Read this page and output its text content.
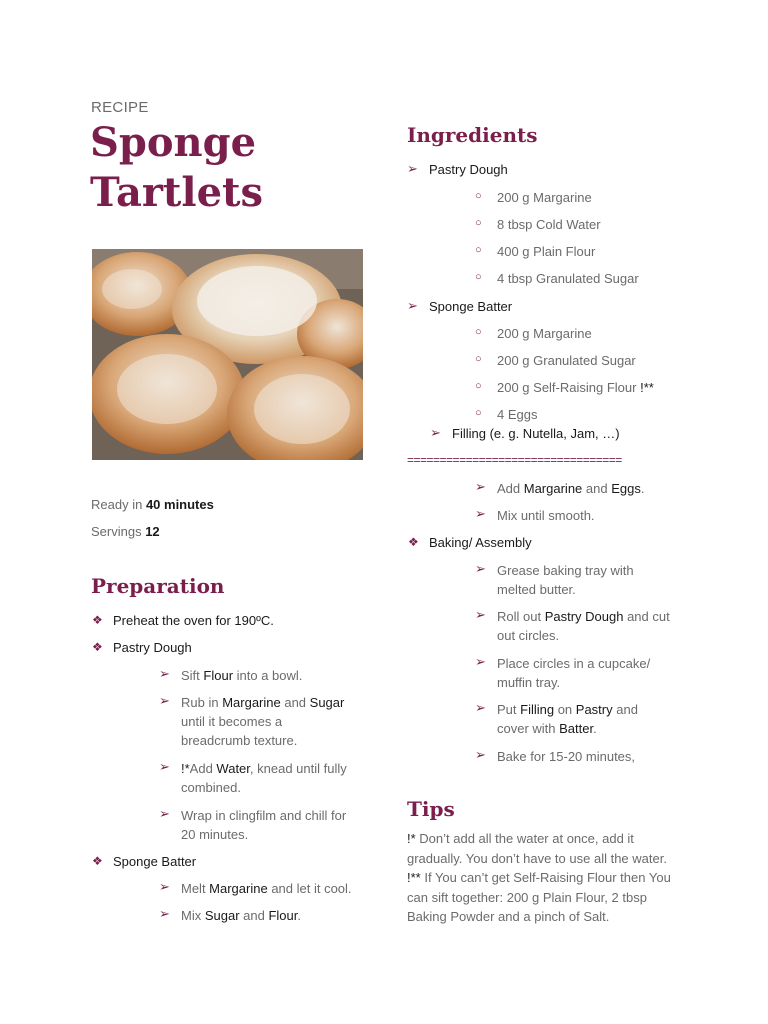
RECIPE
Sponge
Tartlets
Ready in 40 minutes
Servings 12
Preparation
❖ Preheat the oven for 190ºC.
❖ Pastry Dough
➢ Sift Flour into a bowl.
➢ Rub in Margarine and Sugar
until it becomes a
breadcrumb texture.
➢ !*Add Water, knead until fully
combined.
➢ Wrap in clingfilm and chill for
20 minutes.
❖ Sponge Batter
➢ Melt Margarine and let it cool.
➢ Mix Sugar and Flour.
Ingredients
➢ Pastry Dough
○ 200 g Margarine
○ 8 tbsp Cold Water
○ 400 g Plain Flour
○ 4 tbsp Granulated Sugar
➢ Sponge Batter
○ 200 g Margarine
○ 200 g Granulated Sugar
○ 200 g Self-Raising Flour !**
○ 4 Eggs
➢ Filling (e. g. Nutella, Jam, …)
=================================
➢ Add Margarine and Eggs.
➢ Mix until smooth.
❖ Baking/ Assembly
➢ Grease baking tray with
melted butter.
➢ Roll out Pastry Dough and cut
out circles.
➢ Place circles in a cupcake/
muffin tray.
➢ Put Filling on Pastry and
cover with Batter.
➢ Bake for 15-20 minutes,
Tips
!* Don’t add all the water at once, add it gradually. You don’t have to use all the water.
!** If You can’t get Self-Raising Flour then You can sift together: 200 g Plain Flour, 2 tbsp Baking Powder and a pinch of Salt.
